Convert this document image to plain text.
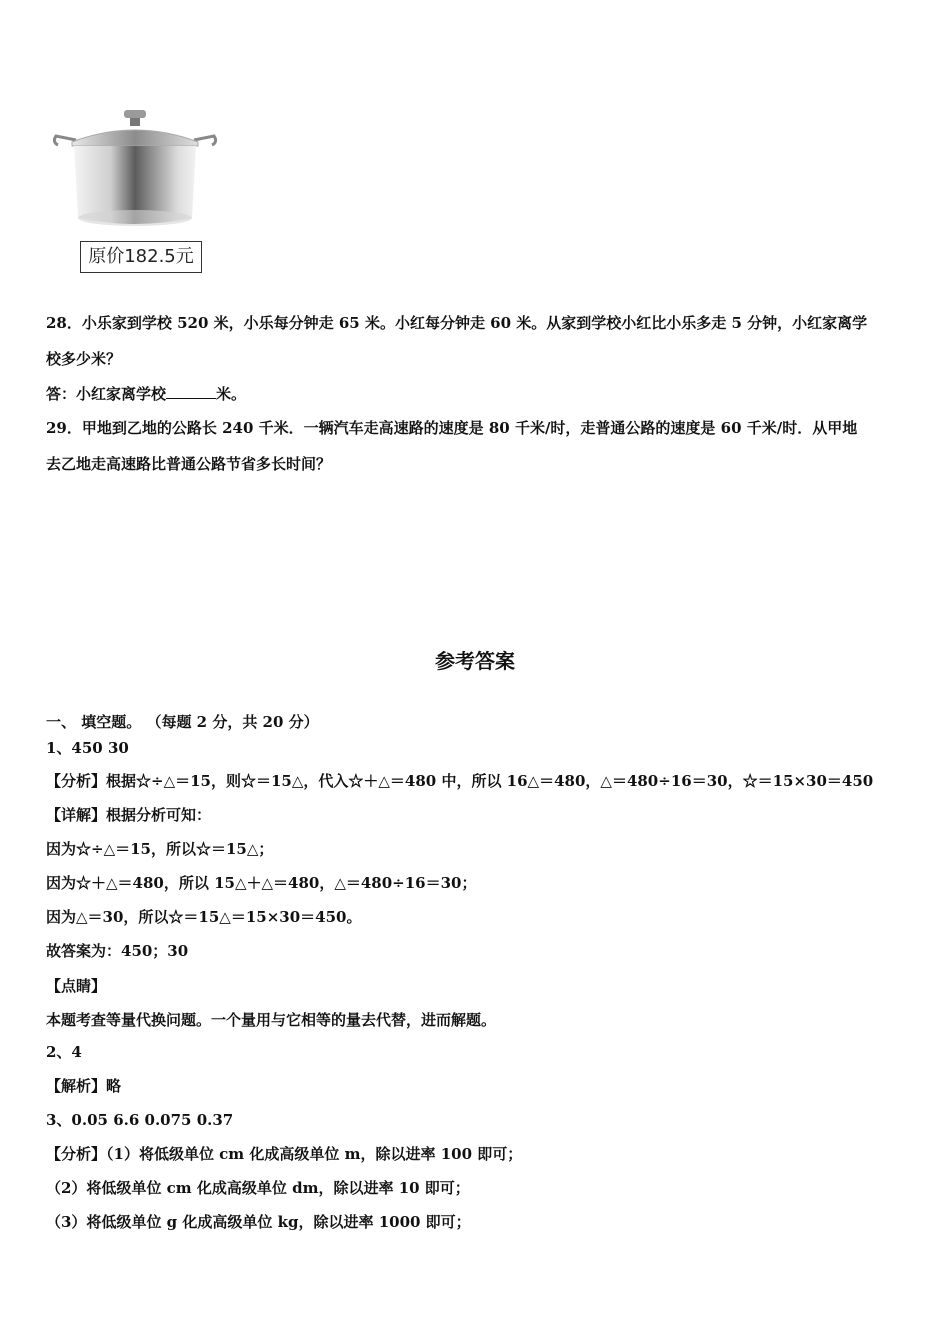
原价182.5元
28．小乐家到学校 520 米，小乐每分钟走 65 米。小红每分钟走 60 米。从家到学校小红比小乐多走 5 分钟，小红家离学
校多少米？
答：小红家离学校	米。
29．甲地到乙地的公路长 240 千米．一辆汽车走高速路的速度是 80 千米/时，走普通公路的速度是 60 千米/时．从甲地
去乙地走高速路比普通公路节省多长时间？
参考答案
一、 填空题。 （每题 2 分，共 20 分）
1、450 30
【分析】根据☆÷△＝15，则☆＝15△，代入☆＋△＝480 中，所以 16△＝480，△＝480÷16＝30，☆＝15×30＝450
【详解】根据分析可知：
因为☆÷△＝15，所以☆＝15△；
因为☆＋△＝480，所以 15△＋△＝480，△＝480÷16＝30；
因为△＝30，所以☆＝15△＝15×30＝450。
故答案为：450；30
【点睛】
本题考查等量代换问题。一个量用与它相等的量去代替，进而解题。
2、4
【解析】略
3、0.05 6.6 0.075 0.37
【分析】（1）将低级单位 cm 化成高级单位 m，除以进率 100 即可；
（2）将低级单位 cm 化成高级单位 dm，除以进率 10 即可；
（3）将低级单位 g 化成高级单位 kg，除以进率 1000 即可；
